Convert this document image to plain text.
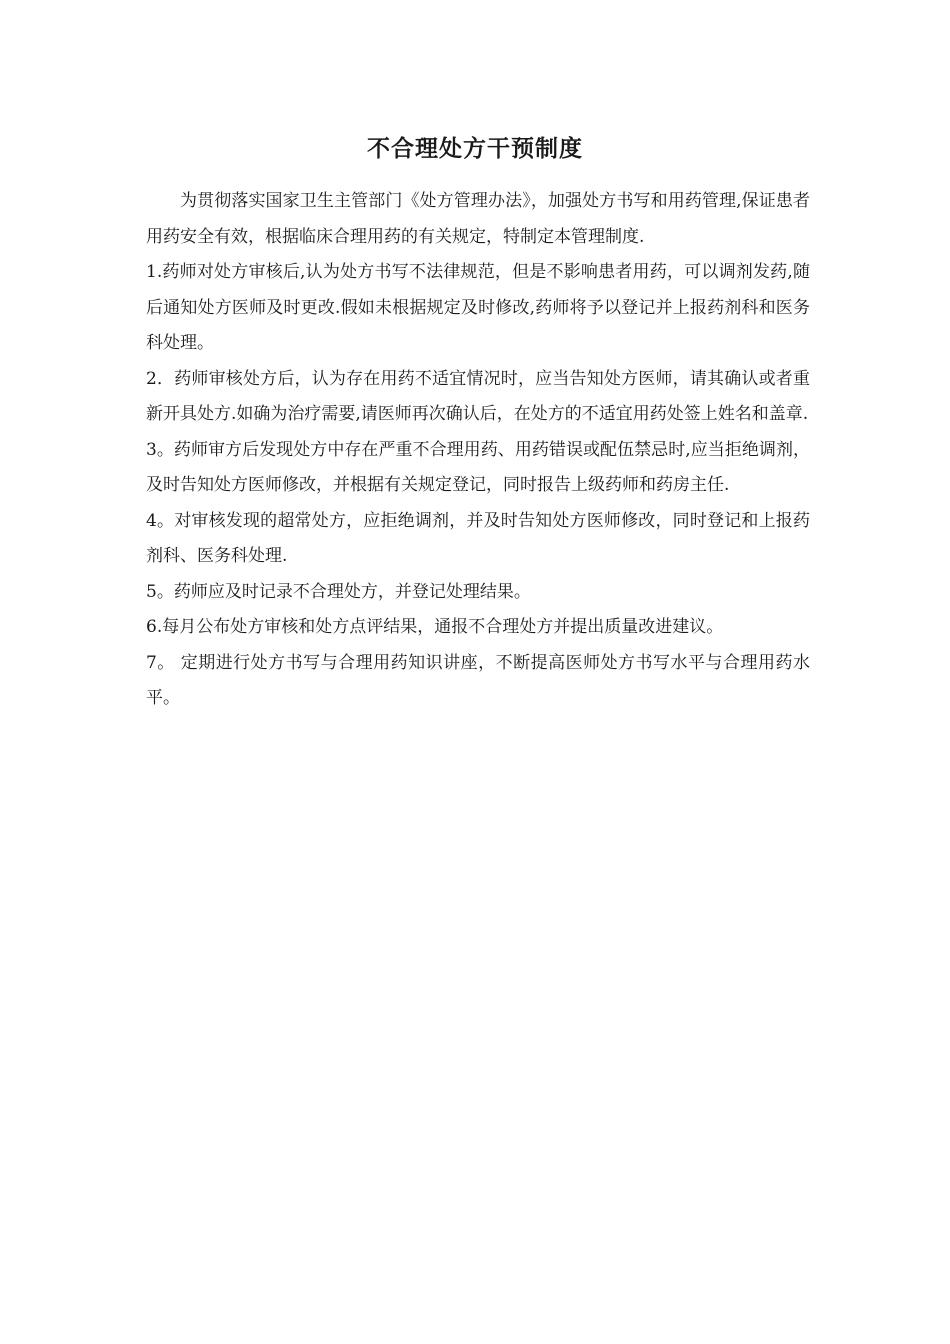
不合理处方干预制度

为贯彻落实国家卫生主管部门《处方管理办法》，加强处方书写和用药管理,保证患者用药安全有效，根据临床合理用药的有关规定，特制定本管理制度.

1.药师对处方审核后,认为处方书写不法律规范，但是不影响患者用药，可以调剂发药,随后通知处方医师及时更改.假如未根据规定及时修改,药师将予以登记并上报药剂科和医务科处理。

2．药师审核处方后，认为存在用药不适宜情况时，应当告知处方医师，请其确认或者重新开具处方.如确为治疗需要,请医师再次确认后，在处方的不适宜用药处签上姓名和盖章.

3。药师审方后发现处方中存在严重不合理用药、用药错误或配伍禁忌时,应当拒绝调剂，及时告知处方医师修改，并根据有关规定登记，同时报告上级药师和药房主任.

4。对审核发现的超常处方，应拒绝调剂，并及时告知处方医师修改，同时登记和上报药剂科、医务科处理.

5。药师应及时记录不合理处方，并登记处理结果。

6.每月公布处方审核和处方点评结果，通报不合理处方并提出质量改进建议。

7。 定期进行处方书写与合理用药知识讲座，不断提高医师处方书写水平与合理用药水平。
